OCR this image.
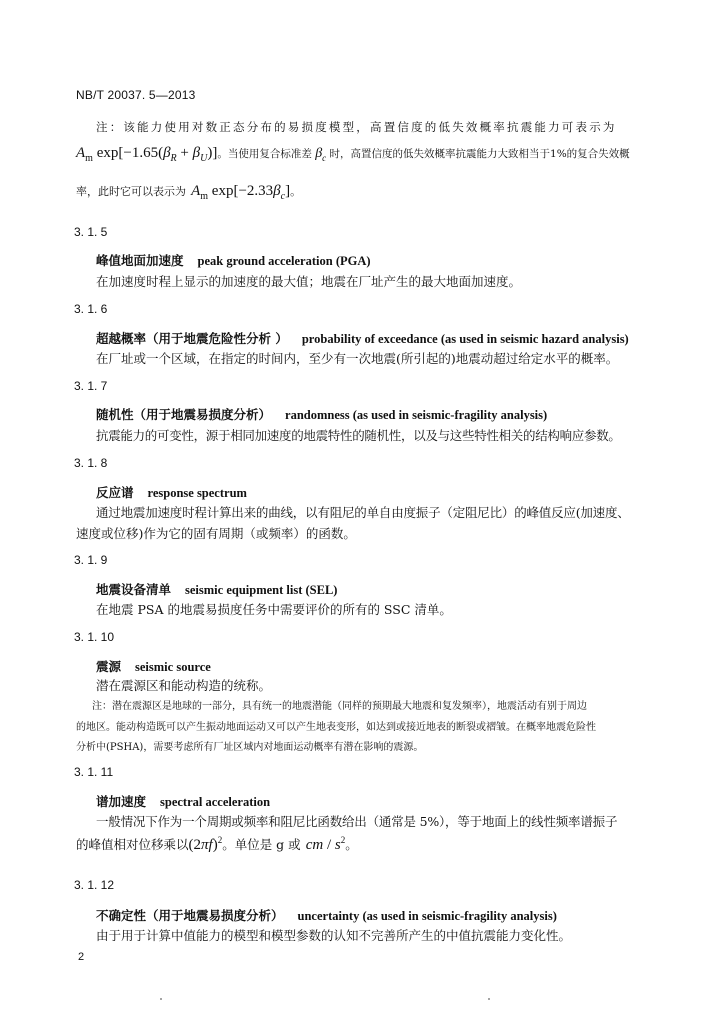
NB/T 20037. 5—2013
注：该能力使用对数正态分布的易损度模型，高置信度的低失效概率抗震能力可表示为
$A_m$ $\exp[-1.65(\beta_R + \beta_U)]$。当使用复合标准差 $\beta_c$ 时，高置信度的低失效概率抗震能力大致相当于1%的复合失效概
率，此时它可以表示为 $A_m$ $\exp[-2.33\beta_c]$。
3. 1. 5
峰值地面加速度 peak ground acceleration (PGA)
在加速度时程上显示的加速度的最大值；地震在厂址产生的最大地面加速度。
3. 1. 6
超越概率（用于地震危险性分析 ） probability of exceedance (as used in seismic hazard analysis)
在厂址或一个区域，在指定的时间内，至少有一次地震(所引起的)地震动超过给定水平的概率。
3. 1. 7
随机性（用于地震易损度分析） randomness (as used in seismic-fragility analysis)
抗震能力的可变性，源于相同加速度的地震特性的随机性，以及与这些特性相关的结构响应参数。
3. 1. 8
反应谱 response spectrum
通过地震加速度时程计算出来的曲线，以有阻尼的单自由度振子（定阻尼比）的峰值反应(加速度、
速度或位移)作为它的固有周期（或频率）的函数。
3. 1. 9
地震设备清单 seismic equipment list (SEL)
在地震 PSA 的地震易损度任务中需要评价的所有的 SSC 清单。
3. 1. 10
震源 seismic source
潜在震源区和能动构造的统称。
注：潜在震源区是地球的一部分，具有统一的地震潜能（同样的预期最大地震和复发频率），地震活动有别于周边
的地区。能动构造既可以产生振动地面运动又可以产生地表变形，如达到或接近地表的断裂或褶皱。在概率地震危险性
分析中(PSHA)，需要考虑所有厂址区域内对地面运动概率有潜在影响的震源。
3. 1. 11
谱加速度 spectral acceleration
一般情况下作为一个周期或频率和阻尼比函数给出（通常是 5%），等于地面上的线性频率谱振子
的峰值相对位移乘以$(2\pi f)^2$。单位是 g 或 cm / $s^2$。
3. 1. 12
不确定性（用于地震易损度分析） uncertainty (as used in seismic-fragility analysis)
由于用于计算中值能力的模型和模型参数的认知不完善所产生的中值抗震能力变化性。
2
